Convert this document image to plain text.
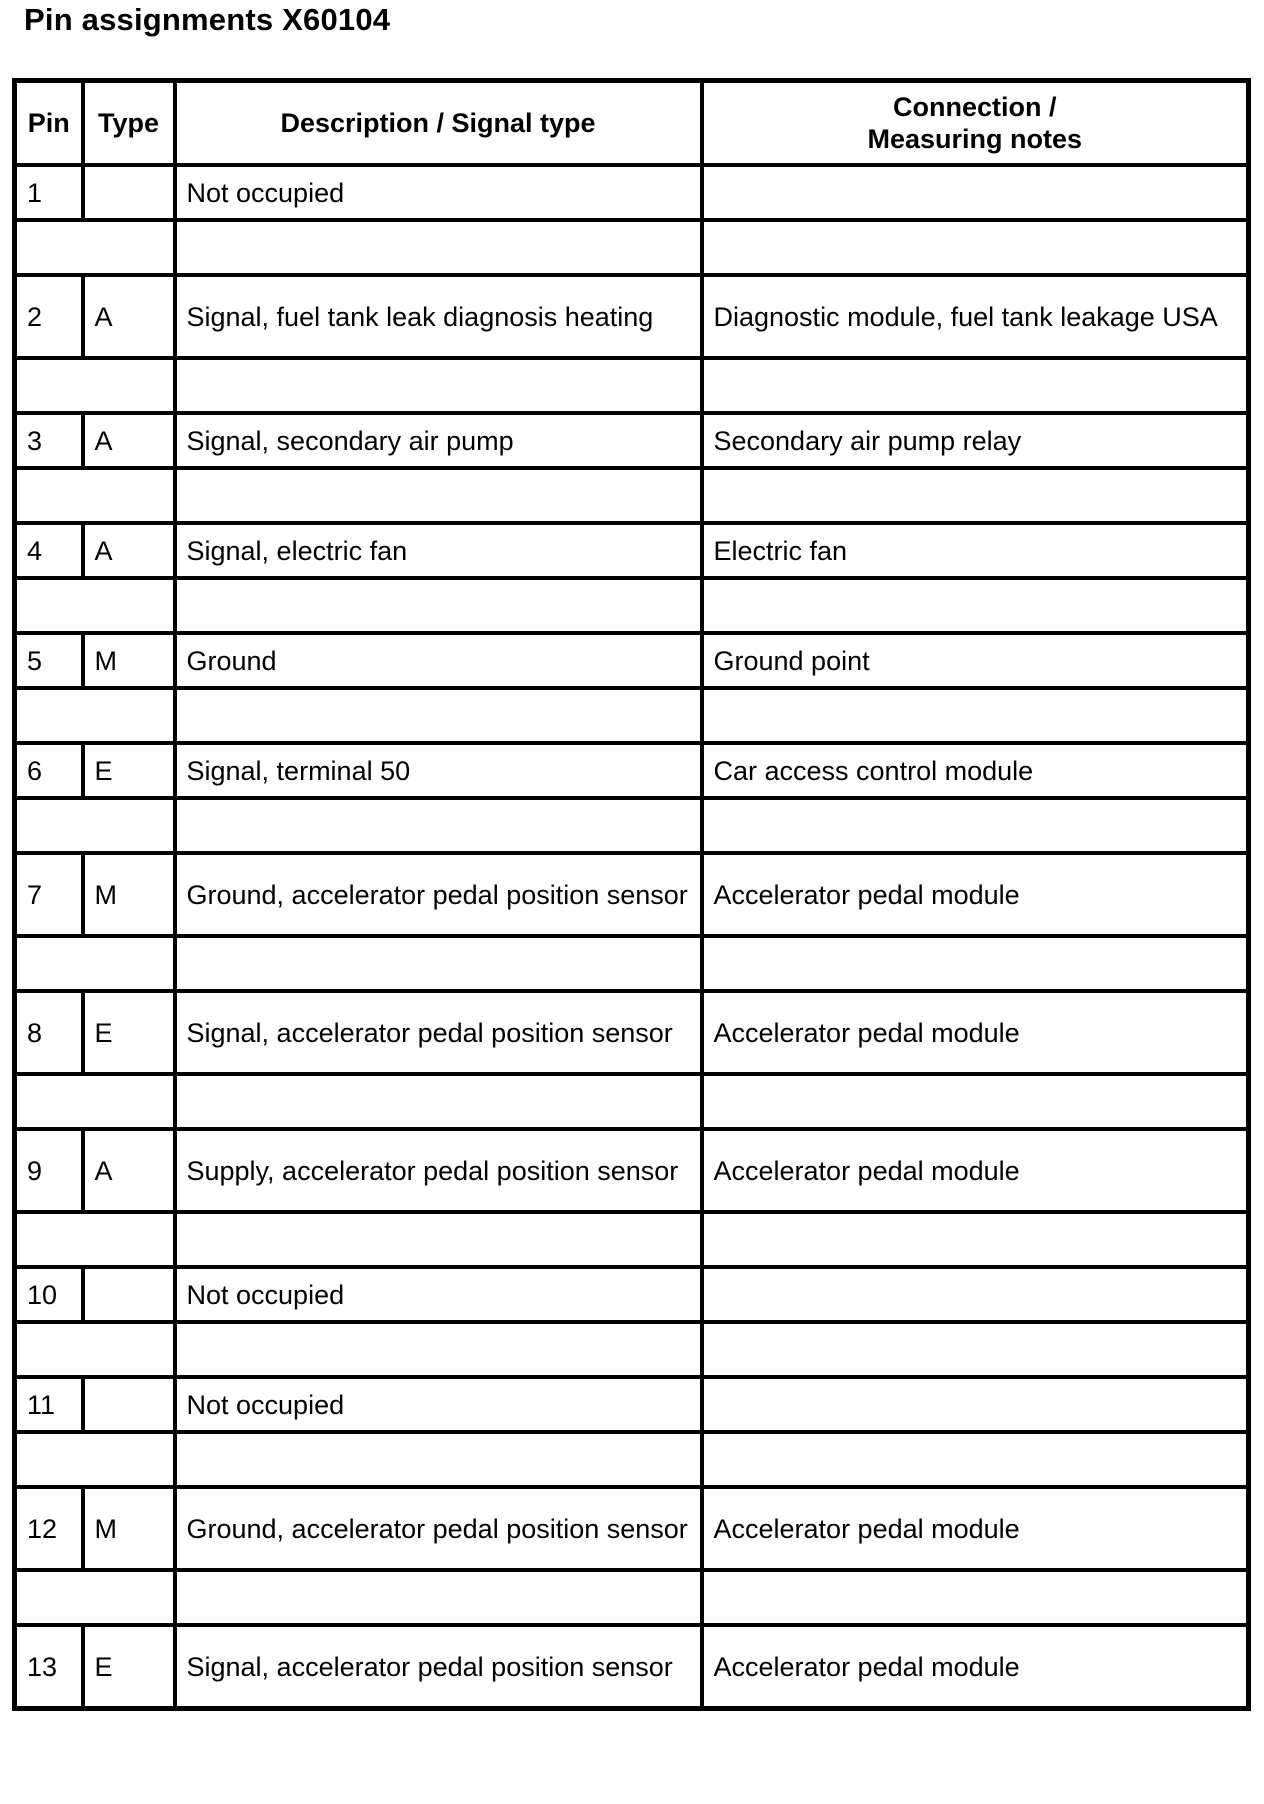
Pin assignments X60104
Pin	Type	Description / Signal type	Connection /
Measuring notes

1		Not occupied	

2	A	Signal, fuel tank leak diagnosis heating	Diagnostic module, fuel tank leakage USA

3	A	Signal, secondary air pump	Secondary air pump relay

4	A	Signal, electric fan	Electric fan

5	M	Ground	Ground point

6	E	Signal, terminal 50	Car access control module

7	M	Ground, accelerator pedal position sensor	Accelerator pedal module

8	E	Signal, accelerator pedal position sensor	Accelerator pedal module

9	A	Supply, accelerator pedal position sensor	Accelerator pedal module

10		Not occupied	

11		Not occupied	

12	M	Ground, accelerator pedal position sensor	Accelerator pedal module

13	E	Signal, accelerator pedal position sensor	Accelerator pedal module
